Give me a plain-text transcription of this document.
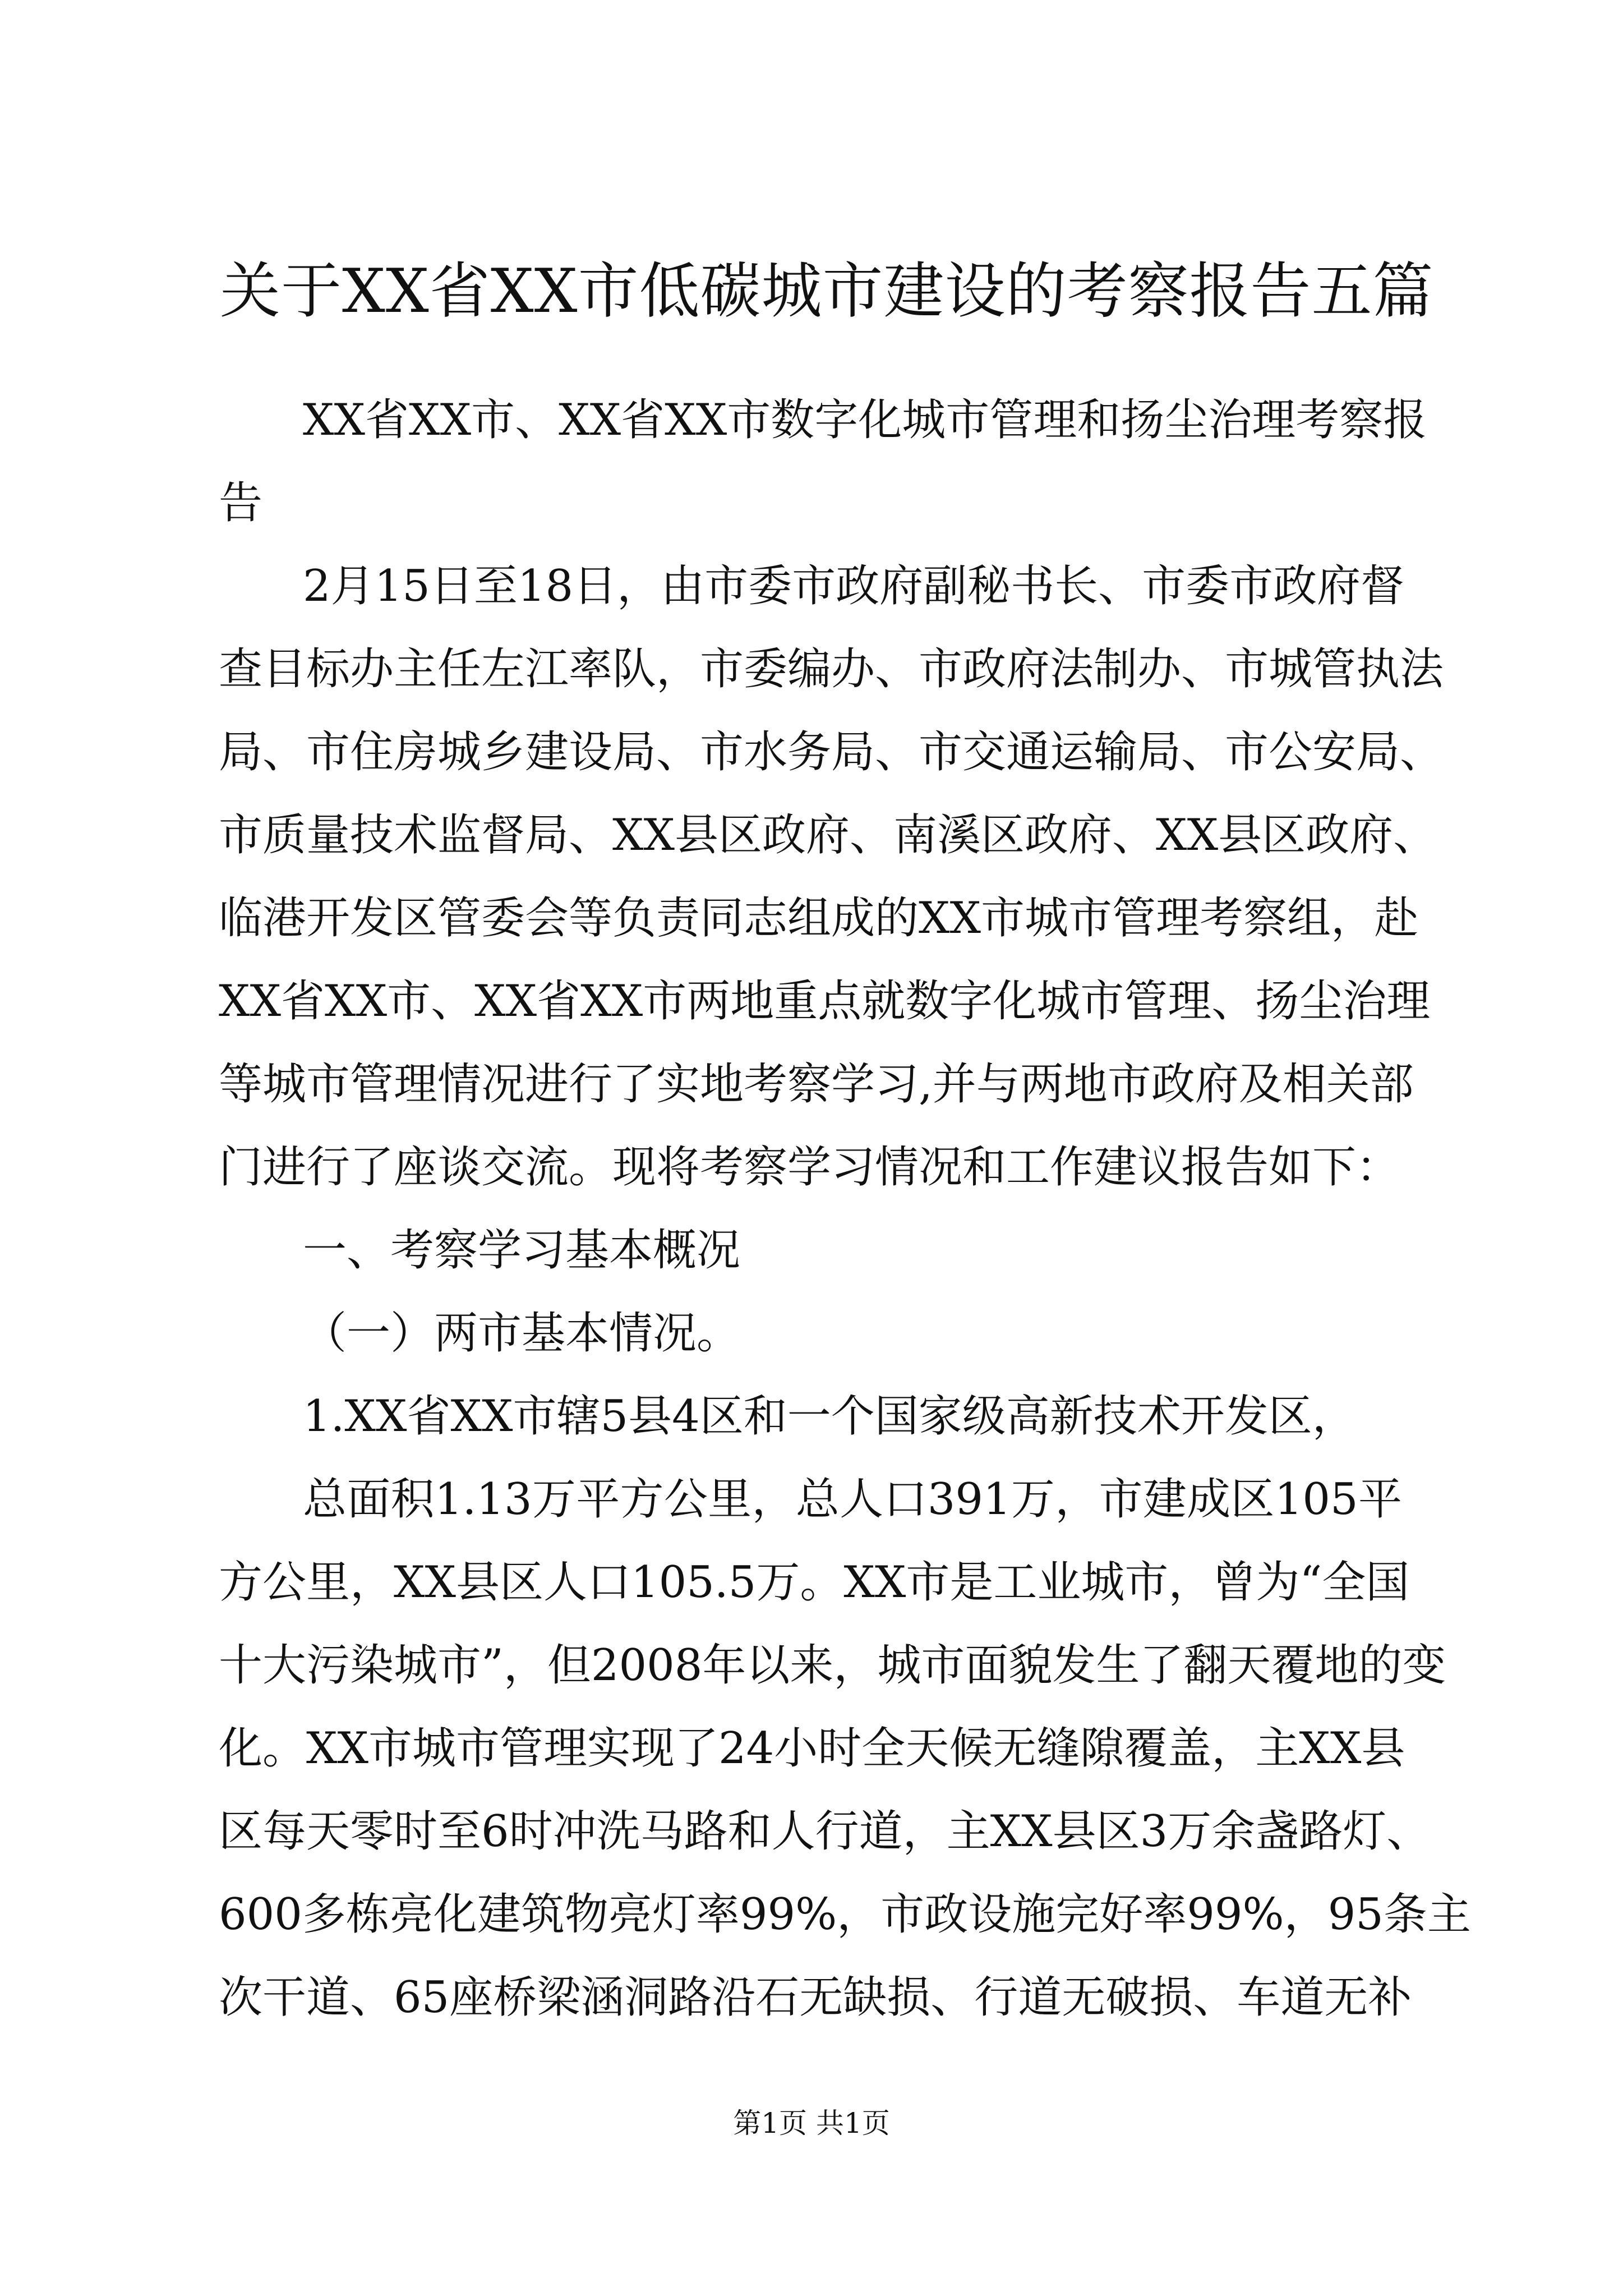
关于XX省XX市低碳城市建设的考察报告五篇
XX省XX市、XX省XX市数字化城市管理和扬尘治理考察报
告
2月15日至18日，由市委市政府副秘书长、市委市政府督
查目标办主任左江率队，市委编办、市政府法制办、市城管执法
局、市住房城乡建设局、市水务局、市交通运输局、市公安局、
市质量技术监督局、XX县区政府、南溪区政府、XX县区政府、
临港开发区管委会等负责同志组成的XX市城市管理考察组，赴
XX省XX市、XX省XX市两地重点就数字化城市管理、扬尘治理
等城市管理情况进行了实地考察学习,并与两地市政府及相关部
门进行了座谈交流。现将考察学习情况和工作建议报告如下：
一、考察学习基本概况
（一）两市基本情况。
1.XX省XX市辖5县4区和一个国家级高新技术开发区，
总面积1.13万平方公里，总人口391万，市建成区105平
方公里，XX县区人口105.5万。XX市是工业城市，曾为“全国
十大污染城市”，但2008年以来，城市面貌发生了翻天覆地的变
化。XX市城市管理实现了24小时全天候无缝隙覆盖，主XX县
区每天零时至6时冲洗马路和人行道，主XX县区3万余盏路灯、
600多栋亮化建筑物亮灯率99%，市政设施完好率99%，95条主
次干道、65座桥梁涵洞路沿石无缺损、行道无破损、车道无补
第1页 共1页
